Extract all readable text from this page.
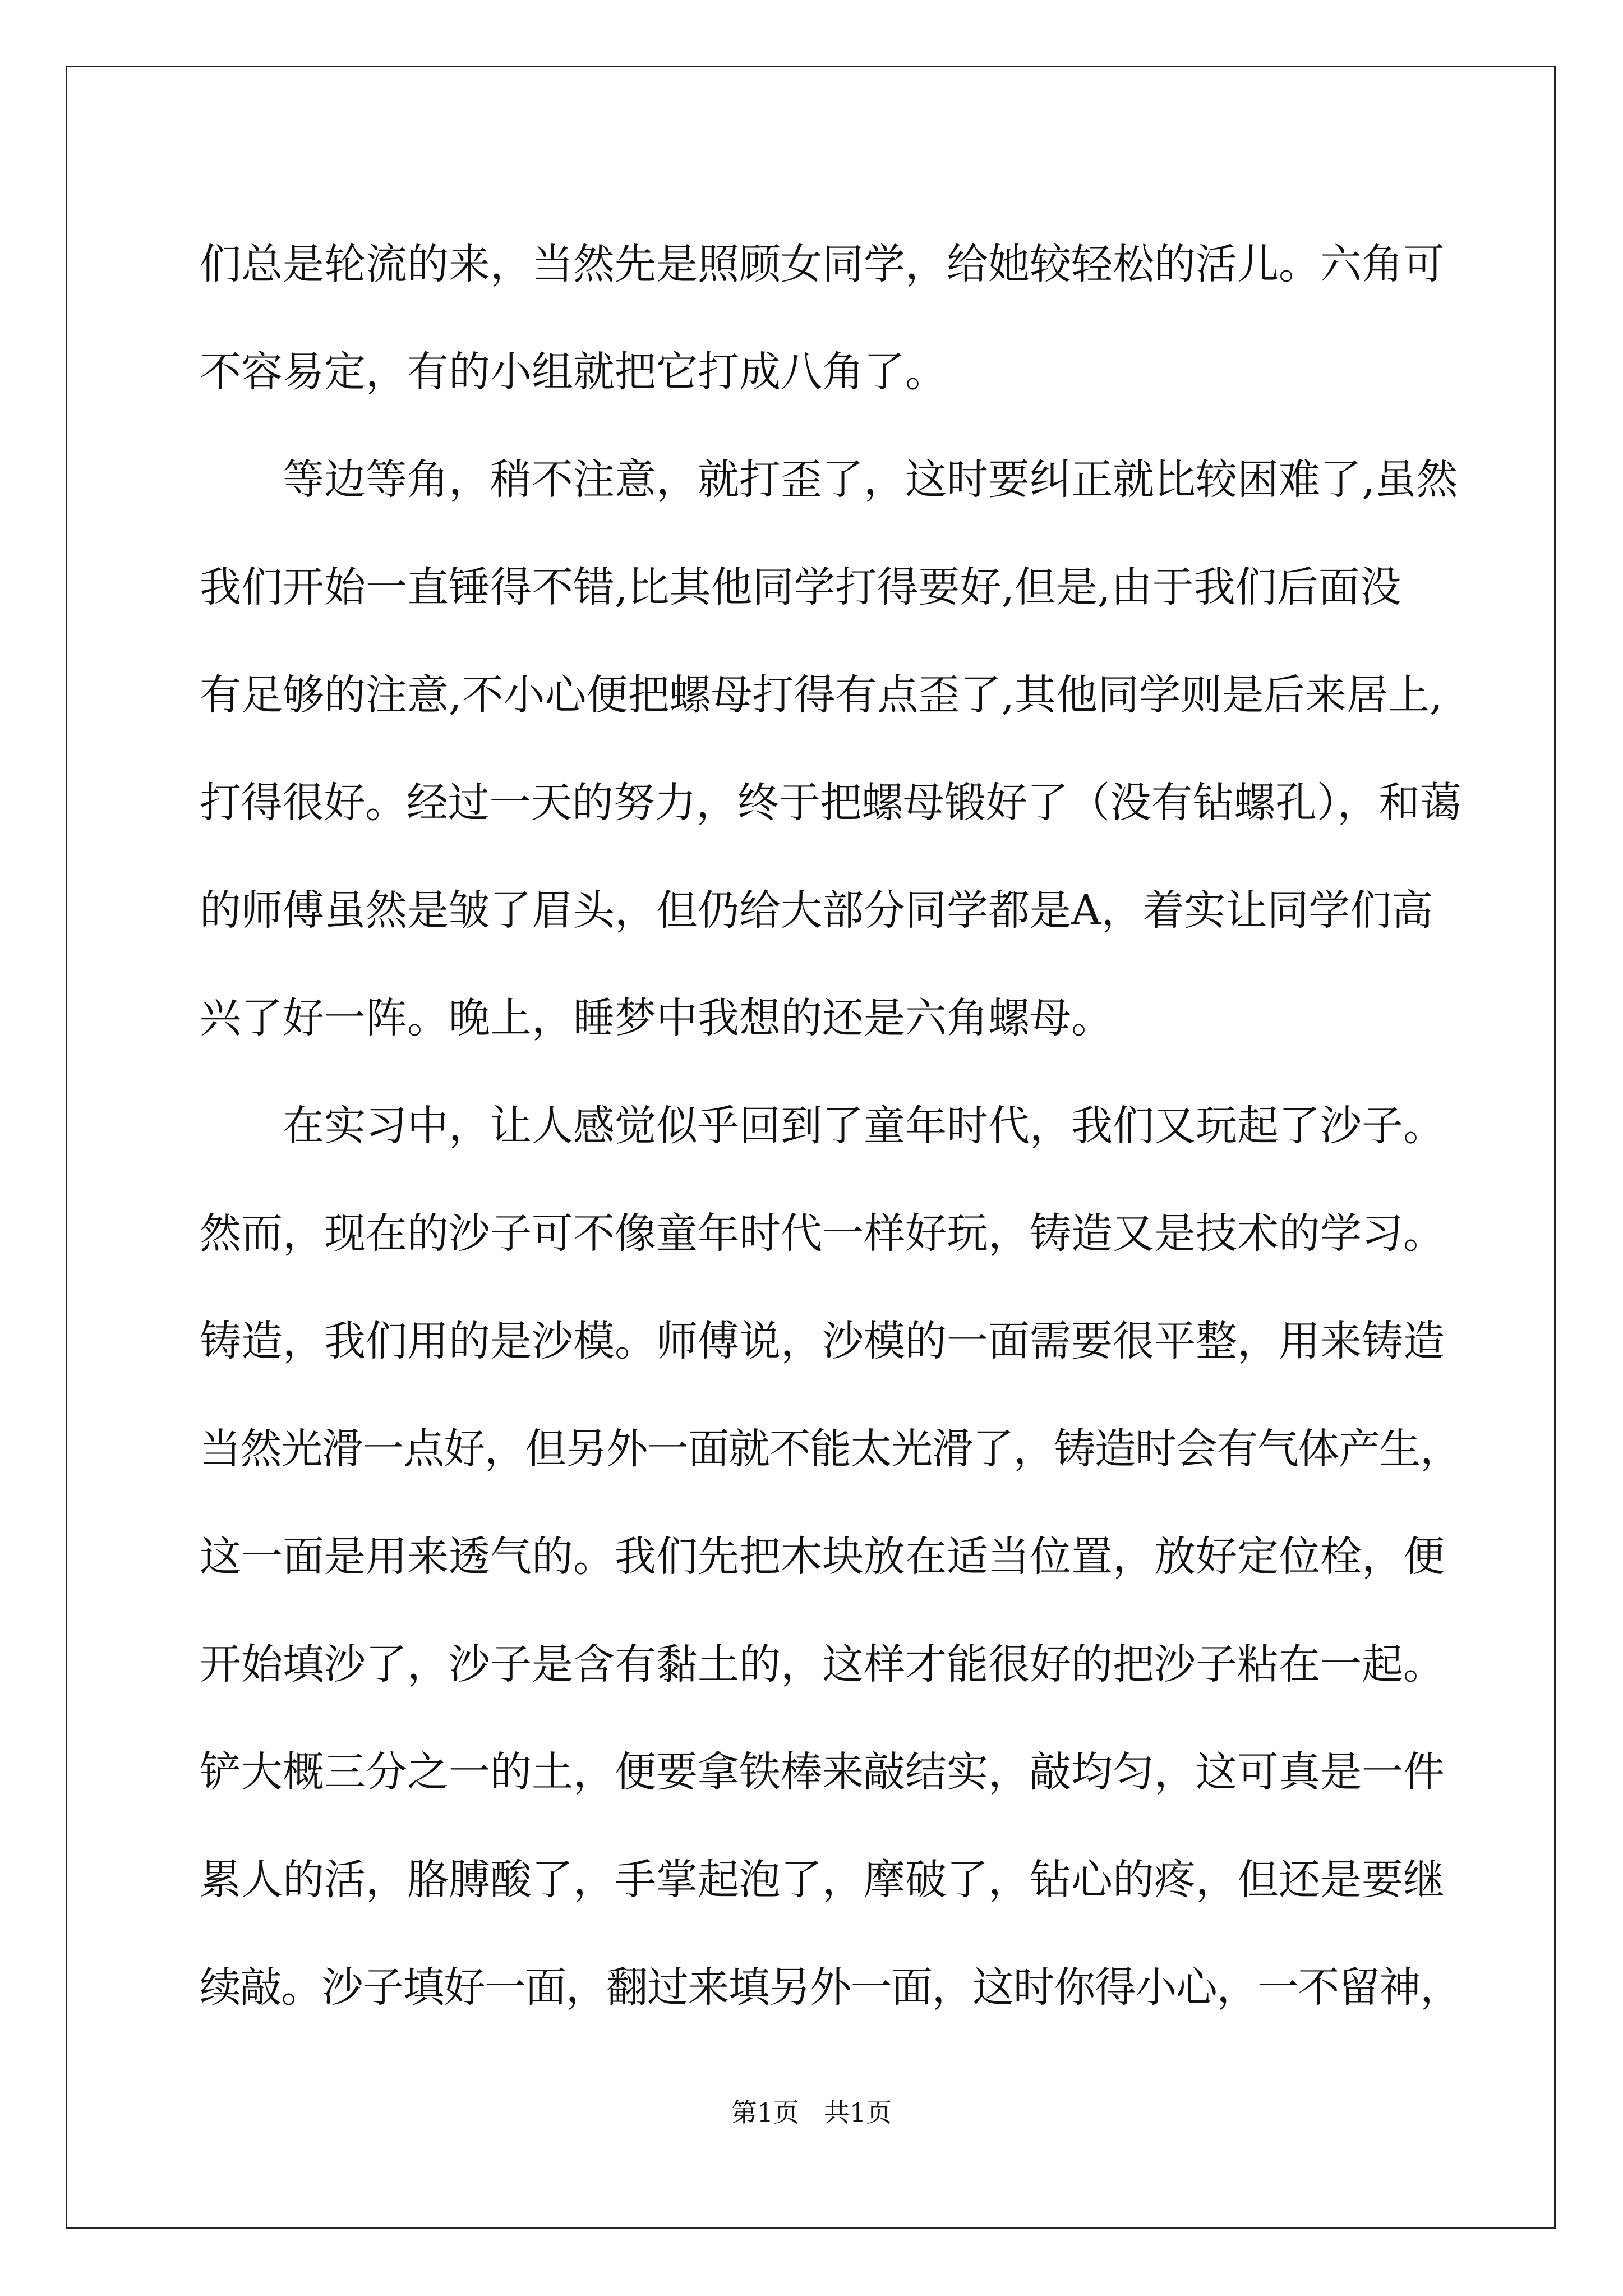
们总是轮流的来，当然先是照顾女同学，给她较轻松的活儿。六角可
不容易定，有的小组就把它打成八角了。
等边等角，稍不注意，就打歪了，这时要纠正就比较困难了,虽然
我们开始一直锤得不错,比其他同学打得要好,但是,由于我们后面没
有足够的注意,不小心便把螺母打得有点歪了,其他同学则是后来居上,
打得很好。经过一天的努力，终于把螺母锻好了（没有钻螺孔），和蔼
的师傅虽然是皱了眉头，但仍给大部分同学都是A，着实让同学们高
兴了好一阵。晚上，睡梦中我想的还是六角螺母。
在实习中，让人感觉似乎回到了童年时代，我们又玩起了沙子。
然而，现在的沙子可不像童年时代一样好玩，铸造又是技术的学习。
铸造，我们用的是沙模。师傅说，沙模的一面需要很平整，用来铸造
当然光滑一点好，但另外一面就不能太光滑了，铸造时会有气体产生，
这一面是用来透气的。我们先把木块放在适当位置，放好定位栓，便
开始填沙了，沙子是含有黏土的，这样才能很好的把沙子粘在一起。
铲大概三分之一的土，便要拿铁棒来敲结实，敲均匀，这可真是一件
累人的活，胳膊酸了，手掌起泡了，摩破了，钻心的疼，但还是要继
续敲。沙子填好一面，翻过来填另外一面，这时你得小心，一不留神，
第1页 共1页
